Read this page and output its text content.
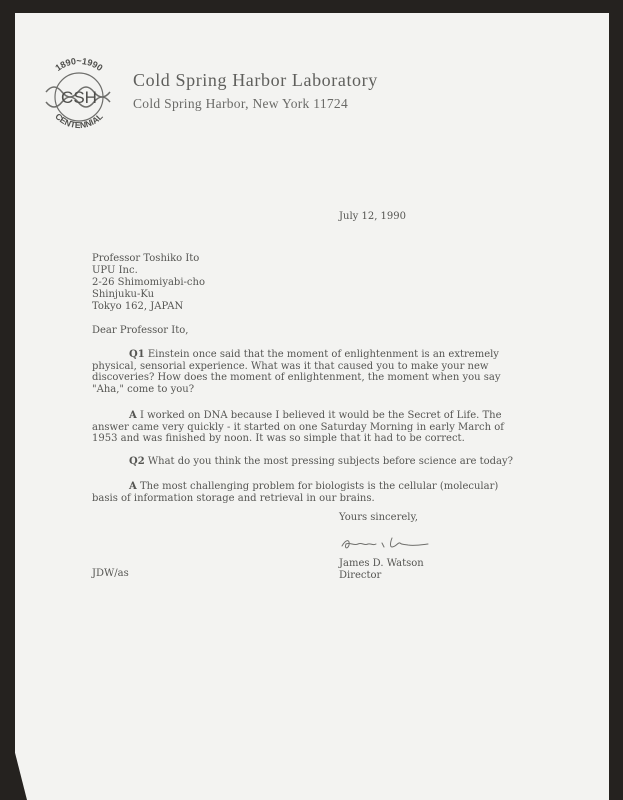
1890~1990
CSH
CENTENNIAL
Cold Spring Harbor Laboratory
Cold Spring Harbor, New York 11724
July 12, 1990
Professor Toshiko Ito
UPU Inc.
2-26 Shimomiyabi-cho
Shinjuku-Ku
Tokyo 162, JAPAN
Dear Professor Ito,
Q1 Einstein once said that the moment of enlightenment is an extremely
physical, sensorial experience. What was it that caused you to make your new
discoveries? How does the moment of enlightenment, the moment when you say
"Aha," come to you?
A I worked on DNA because I believed it would be the Secret of Life. The
answer came very quickly - it started on one Saturday Morning in early March of
1953 and was finished by noon. It was so simple that it had to be correct.
Q2 What do you think the most pressing subjects before science are today?
A The most challenging problem for biologists is the cellular (molecular)
basis of information storage and retrieval in our brains.
Yours sincerely,
James D. Watson
Director
JDW/as
